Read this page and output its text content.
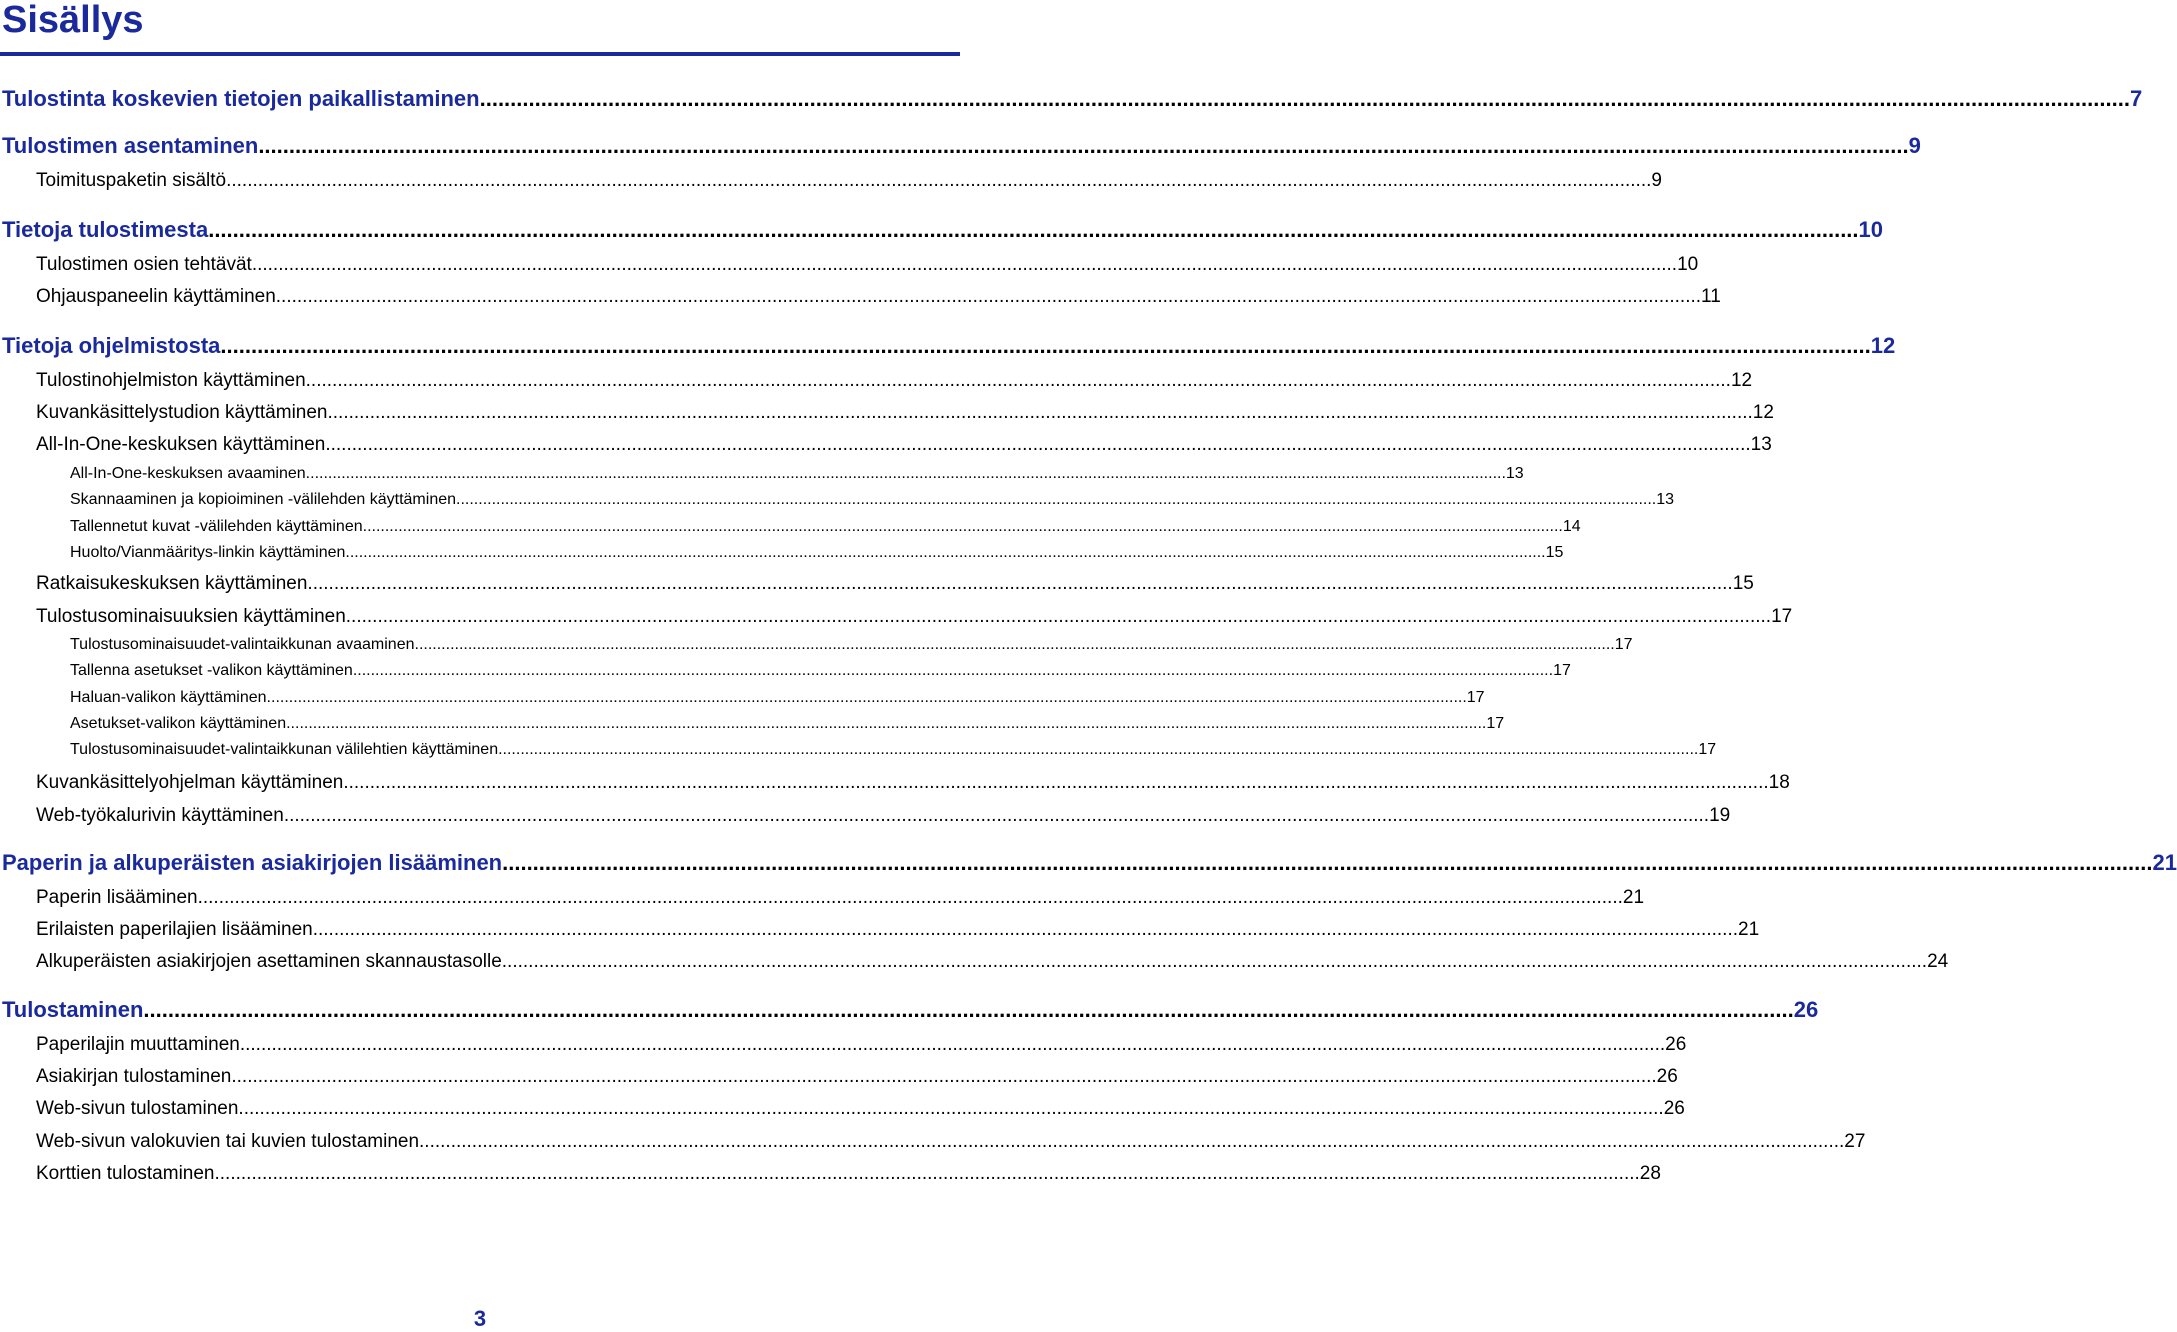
Sisällys
Tulostinta koskevien tietojen paikallistaminen .............................................................................................................................................................................................................................................................................. 7
Tulostimen asentaminen .............................................................................................................................................................................................................................................................................. 9
Toimituspaketin sisältö .............................................................................................................................................................................................................................................................................. 9
Tietoja tulostimesta .............................................................................................................................................................................................................................................................................. 10
Tulostimen osien tehtävät .............................................................................................................................................................................................................................................................................. 10
Ohjauspaneelin käyttäminen .............................................................................................................................................................................................................................................................................. 11
Tietoja ohjelmistosta .............................................................................................................................................................................................................................................................................. 12
Tulostinohjelmiston käyttäminen .............................................................................................................................................................................................................................................................................. 12
Kuvankäsittelystudion käyttäminen .............................................................................................................................................................................................................................................................................. 12
All-In-One-keskuksen käyttäminen .............................................................................................................................................................................................................................................................................. 13
All-In-One-keskuksen avaaminen .............................................................................................................................................................................................................................................................................. 13
Skannaaminen ja kopioiminen -välilehden käyttäminen .............................................................................................................................................................................................................................................................................. 13
Tallennetut kuvat -välilehden käyttäminen .............................................................................................................................................................................................................................................................................. 14
Huolto/Vianmääritys-linkin käyttäminen .............................................................................................................................................................................................................................................................................. 15
Ratkaisukeskuksen käyttäminen .............................................................................................................................................................................................................................................................................. 15
Tulostusominaisuuksien käyttäminen .............................................................................................................................................................................................................................................................................. 17
Tulostusominaisuudet-valintaikkunan avaaminen .............................................................................................................................................................................................................................................................................. 17
Tallenna asetukset -valikon käyttäminen .............................................................................................................................................................................................................................................................................. 17
Haluan-valikon käyttäminen .............................................................................................................................................................................................................................................................................. 17
Asetukset-valikon käyttäminen .............................................................................................................................................................................................................................................................................. 17
Tulostusominaisuudet-valintaikkunan välilehtien käyttäminen .............................................................................................................................................................................................................................................................................. 17
Kuvankäsittelyohjelman käyttäminen .............................................................................................................................................................................................................................................................................. 18
Web-työkalurivin käyttäminen .............................................................................................................................................................................................................................................................................. 19
Paperin ja alkuperäisten asiakirjojen lisääminen .............................................................................................................................................................................................................................................................................. 21
Paperin lisääminen .............................................................................................................................................................................................................................................................................. 21
Erilaisten paperilajien lisääminen .............................................................................................................................................................................................................................................................................. 21
Alkuperäisten asiakirjojen asettaminen skannaustasolle .............................................................................................................................................................................................................................................................................. 24
Tulostaminen .............................................................................................................................................................................................................................................................................. 26
Paperilajin muuttaminen .............................................................................................................................................................................................................................................................................. 26
Asiakirjan tulostaminen .............................................................................................................................................................................................................................................................................. 26
Web-sivun tulostaminen .............................................................................................................................................................................................................................................................................. 26
Web-sivun valokuvien tai kuvien tulostaminen .............................................................................................................................................................................................................................................................................. 27
Korttien tulostaminen .............................................................................................................................................................................................................................................................................. 28
3
